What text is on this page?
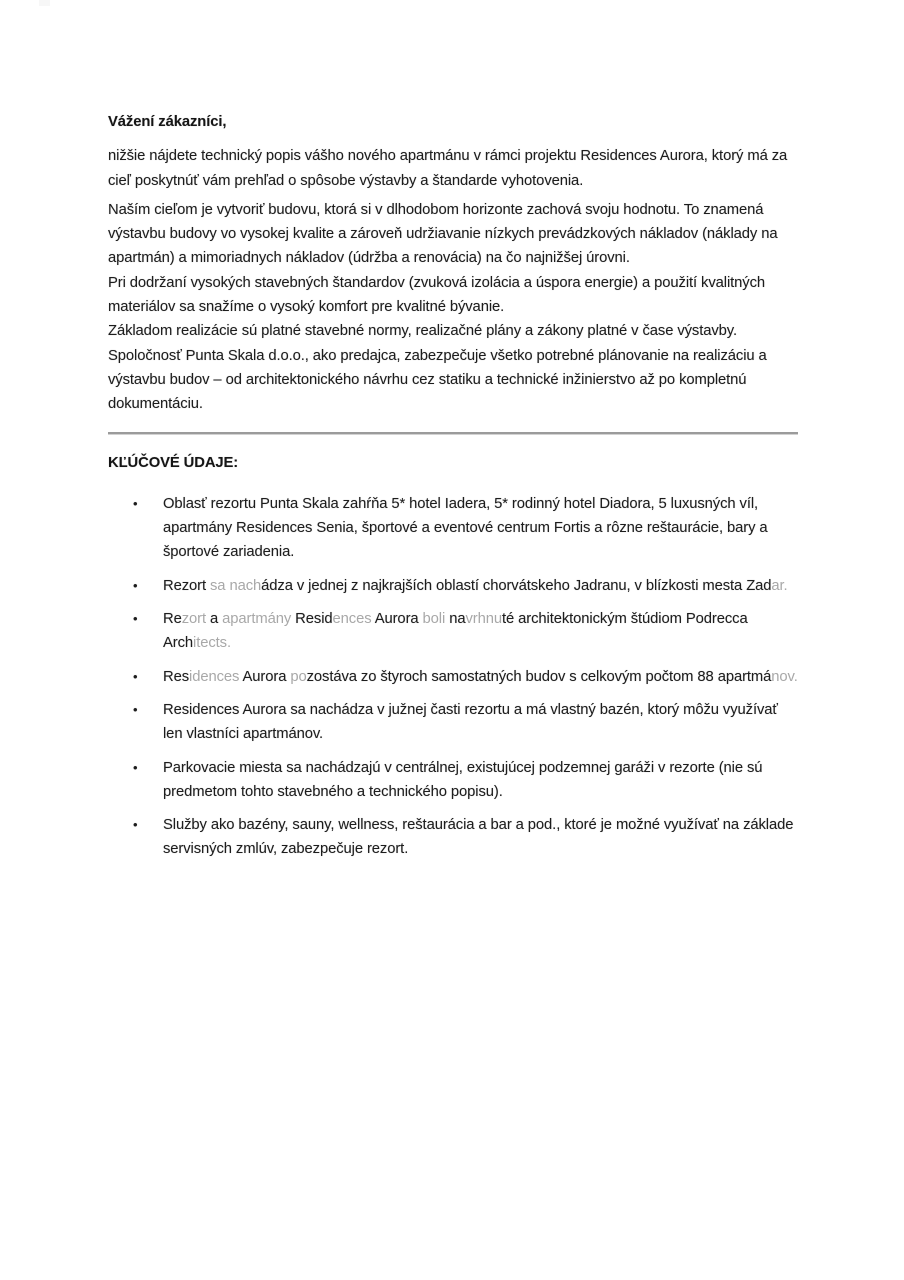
Vážení zákazníci,

nižšie nájdete technický popis vášho nového apartmánu v rámci projektu Residences Aurora, ktorý má za cieľ poskytnúť vám prehľad o spôsobe výstavby a štandarde vyhotovenia.

Naším cieľom je vytvoriť budovu, ktorá si v dlhodobom horizonte zachová svoju hodnotu. To znamená výstavbu budovy vo vysokej kvalite a zároveň udržiavanie nízkych prevádzkových nákladov (náklady na apartmán) a mimoriadnych nákladov (údržba a renovácia) na čo najnižšej úrovni.

Pri dodržaní vysokých stavebných štandardov (zvuková izolácia a úspora energie) a použití kvalitných materiálov sa snažíme o vysoký komfort pre kvalitné bývanie.

Základom realizácie sú platné stavebné normy, realizačné plány a zákony platné v čase výstavby. Spoločnosť Punta Skala d.o.o., ako predajca, zabezpečuje všetko potrebné plánovanie na realizáciu a výstavbu budov – od architektonického návrhu cez statiku a technické inžinierstvo až po kompletnú dokumentáciu.

KĽÚČOVÉ ÚDAJE:

•	Oblasť rezortu Punta Skala zahŕňa 5* hotel Iadera, 5* rodinný hotel Diadora, 5 luxusných víl, apartmány Residences Senia, športové a eventové centrum Fortis a rôzne reštaurácie, bary a športové zariadenia.
•	Rezort sa nachádza v jednej z najkrajších oblastí chorvátskeho Jadranu, v blízkosti mesta Zadar.
•	Rezort a apartmány Residences Aurora boli navrhnuté architektonickým štúdiom Podrecca Architects.
•	Residences Aurora pozostáva zo štyroch samostatných budov s celkovým počtom 88 apartmánov.
•	Residences Aurora sa nachádza v južnej časti rezortu a má vlastný bazén, ktorý môžu využívať len vlastníci apartmánov.
•	Parkovacie miesta sa nachádzajú v centrálnej, existujúcej podzemnej garáži v rezorte (nie sú predmetom tohto stavebného a technického popisu).
•	Služby ako bazény, sauny, wellness, reštaurácia a bar a pod., ktoré je možné využívať na základe servisných zmlúv, zabezpečuje rezort.
